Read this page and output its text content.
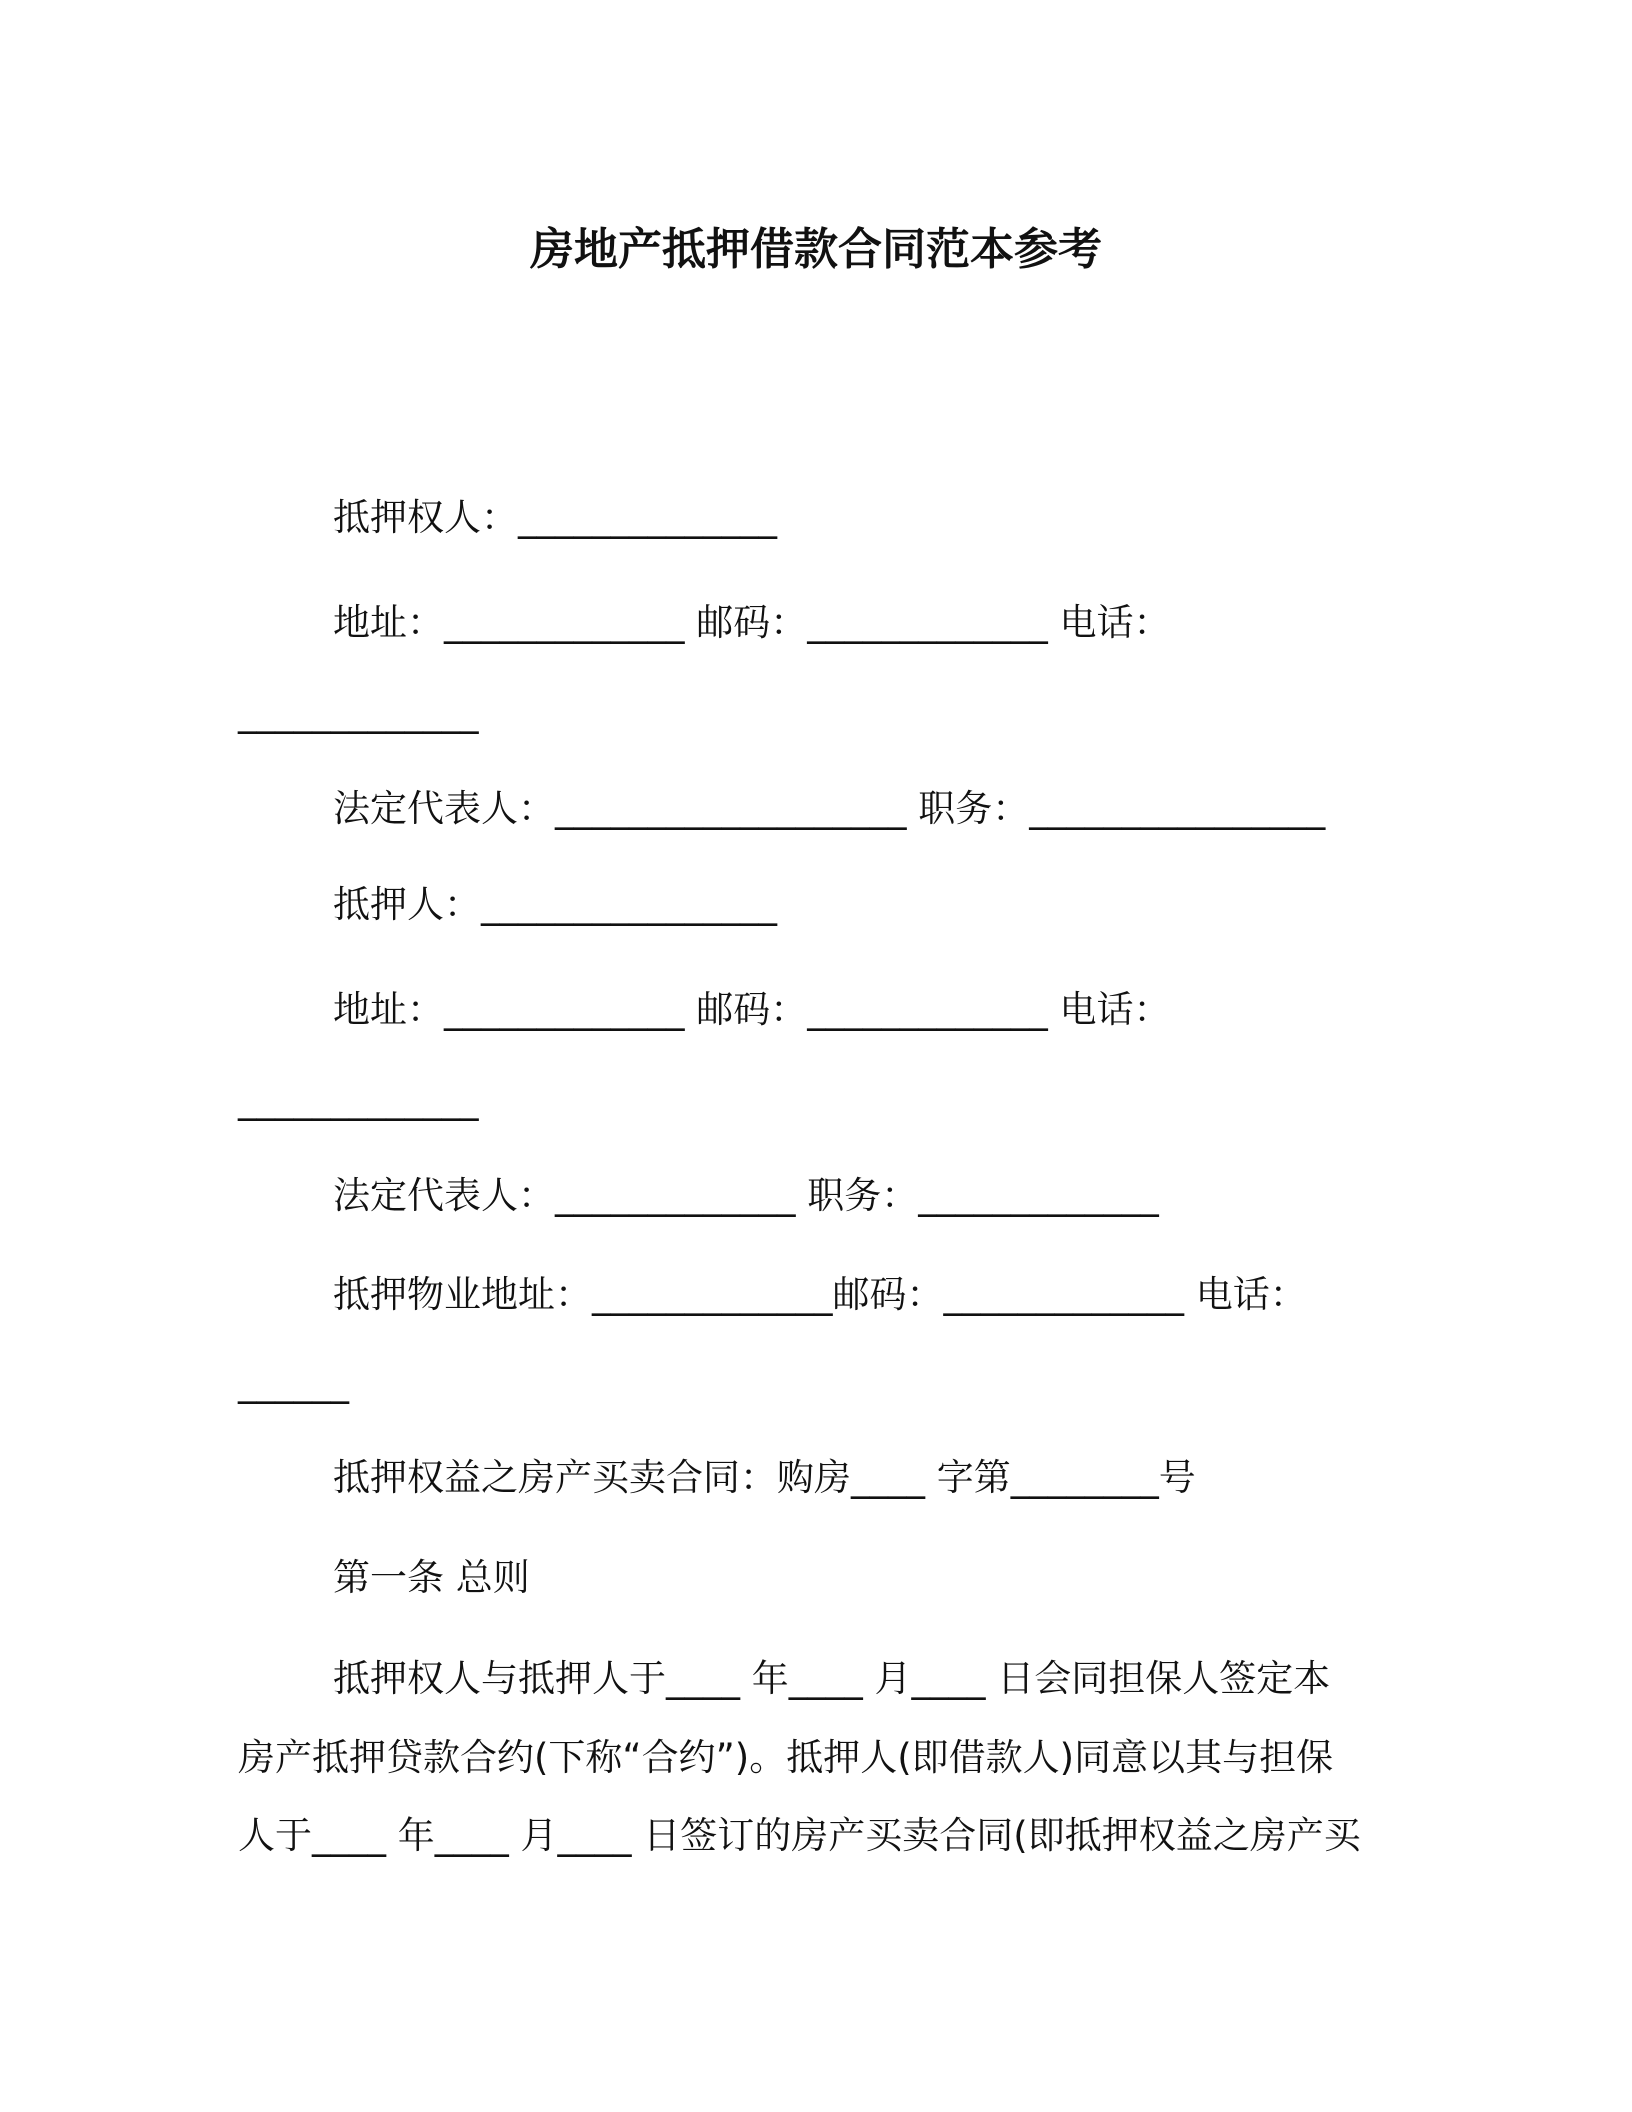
房地产抵押借款合同范本参考
抵押权人：______________
地址：_____________ 邮码：_____________ 电话：
_____________
法定代表人：___________________ 职务：________________
抵押人：________________
地址：_____________ 邮码：_____________ 电话：
_____________
法定代表人：_____________ 职务：_____________
抵押物业地址：_____________邮码：_____________ 电话：
______
抵押权益之房产买卖合同：购房____ 字第________号
第一条 总则
抵押权人与抵押人于____ 年____ 月____ 日会同担保人签定本
房产抵押贷款合约(下称“合约”)。抵押人(即借款人)同意以其与担保
人于____ 年____ 月____ 日签订的房产买卖合同(即抵押权益之房产买
